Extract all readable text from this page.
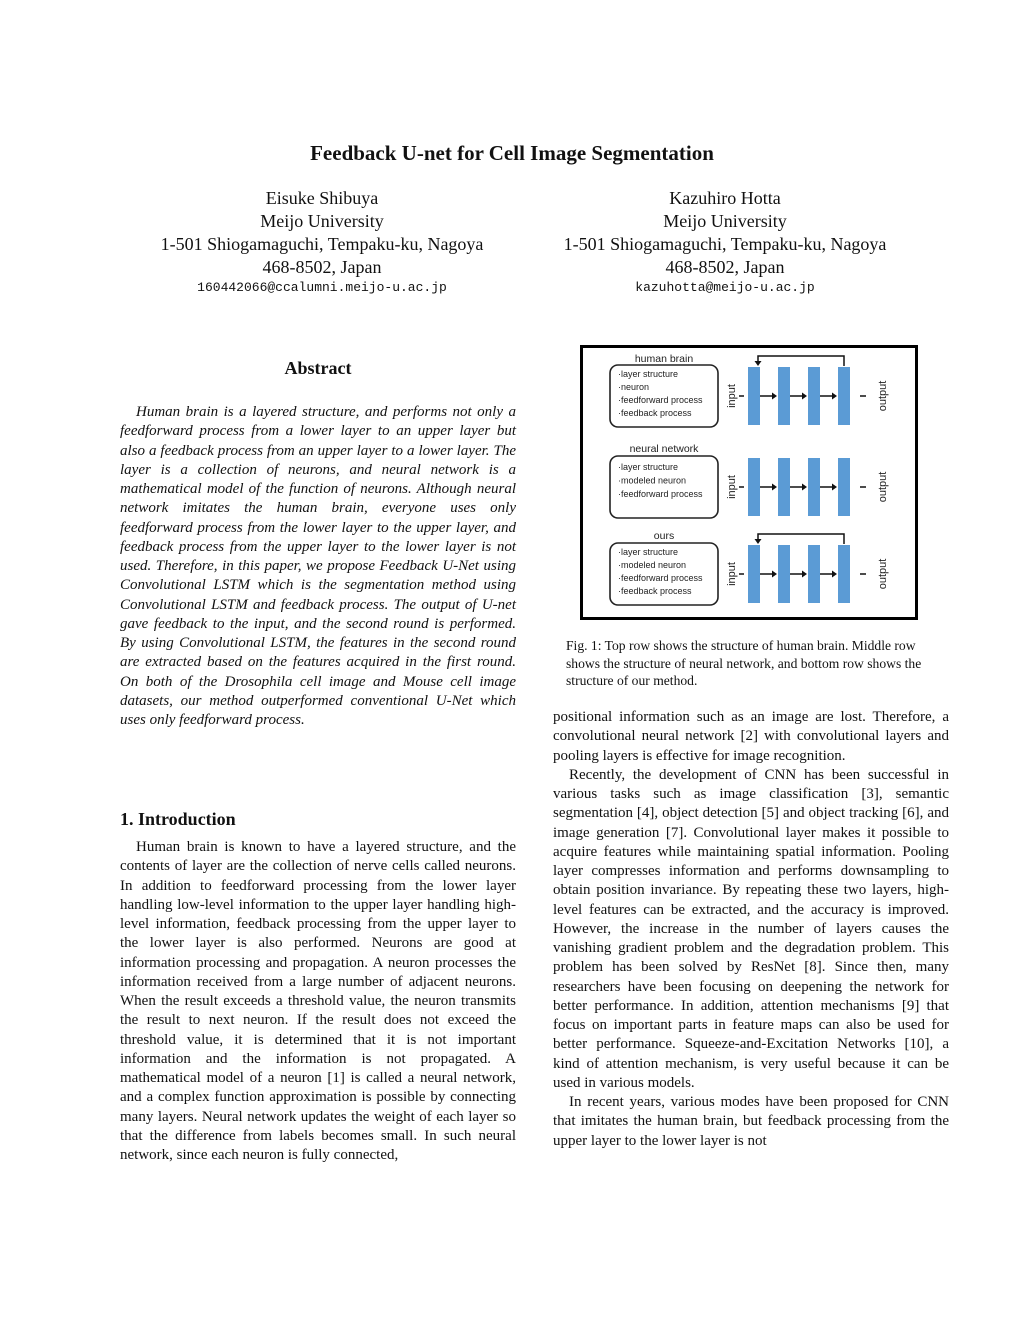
Feedback U-net for Cell Image Segmentation
Eisuke Shibuya
Meijo University
1-501 Shiogamaguchi, Tempaku-ku, Nagoya
468-8502, Japan
160442066@ccalumni.meijo-u.ac.jp
Kazuhiro Hotta
Meijo University
1-501 Shiogamaguchi, Tempaku-ku, Nagoya
468-8502, Japan
kazuhotta@meijo-u.ac.jp
Abstract
Human brain is a layered structure, and performs not only a feedforward process from a lower layer to an upper layer but also a feedback process from an upper layer to a lower layer. The layer is a collection of neurons, and neural network is a mathematical model of the function of neurons. Although neural network imitates the human brain, everyone uses only feedforward process from the lower layer to the upper layer, and feedback process from the upper layer to the lower layer is not used. Therefore, in this paper, we propose Feedback U-Net using Convolutional LSTM which is the segmentation method using Convolutional LSTM and feedback process. The output of U-net gave feedback to the input, and the second round is performed. By using Convolutional LSTM, the features in the second round are extracted based on the features acquired in the first round. On both of the Drosophila cell image and Mouse cell image datasets, our method outperformed conventional U-Net which uses only feedforward process.
1. Introduction

Human brain is known to have a layered structure, and the contents of layer are the collection of nerve cells called neurons. In addition to feedforward processing from the lower layer handling low-level information to the upper layer handling high-level information, feedback processing from the upper layer to the lower layer is also performed. Neurons are good at information processing and propagation. A neuron processes the information received from a large number of adjacent neurons. When the result exceeds a threshold value, the neuron transmits the result to next neuron. If the result does not exceed the threshold value, it is determined that it is not important information and the information is not propagated. A mathematical model of a neuron [1] is called a neural network, and a complex function approximation is possible by connecting many layers. Neural network updates the weight of each layer so that the difference from labels becomes small. In such neural network, since each neuron is fully connected,

human brain
·layer structure
·neuron
·feedforward process
·feedback process
input	output
neural network
·layer structure
·modeled neuron
·feedforward process input	output
ours
·layer structure
·modeled neuron
·feedforward process
·feedback process
input	output
Fig. 1: Top row shows the structure of human brain. Middle row shows the structure of neural network, and bottom row shows the structure of our method.

positional information such as an image are lost. Therefore, a convolutional neural network [2] with convolutional layers and pooling layers is effective for image recognition.

Recently, the development of CNN has been successful in various tasks such as image classification [3], semantic segmentation [4], object detection [5] and object tracking [6], and image generation [7]. Convolutional layer makes it possible to acquire features while maintaining spatial information. Pooling layer compresses information and performs downsampling to obtain position invariance. By repeating these two layers, high-level features can be extracted, and the accuracy is improved. However, the increase in the number of layers causes the vanishing gradient problem and the degradation problem. This problem has been solved by ResNet [8]. Since then, many researchers have been focusing on deepening the network for better performance. In addition, attention mechanisms [9] that focus on important parts in feature maps can also be used for better performance. Squeeze-and-Excitation Networks [10], a kind of attention mechanism, is very useful because it can be used in various models.

In recent years, various modes have been proposed for CNN that imitates the human brain, but feedback processing from the upper layer to the lower layer is not
